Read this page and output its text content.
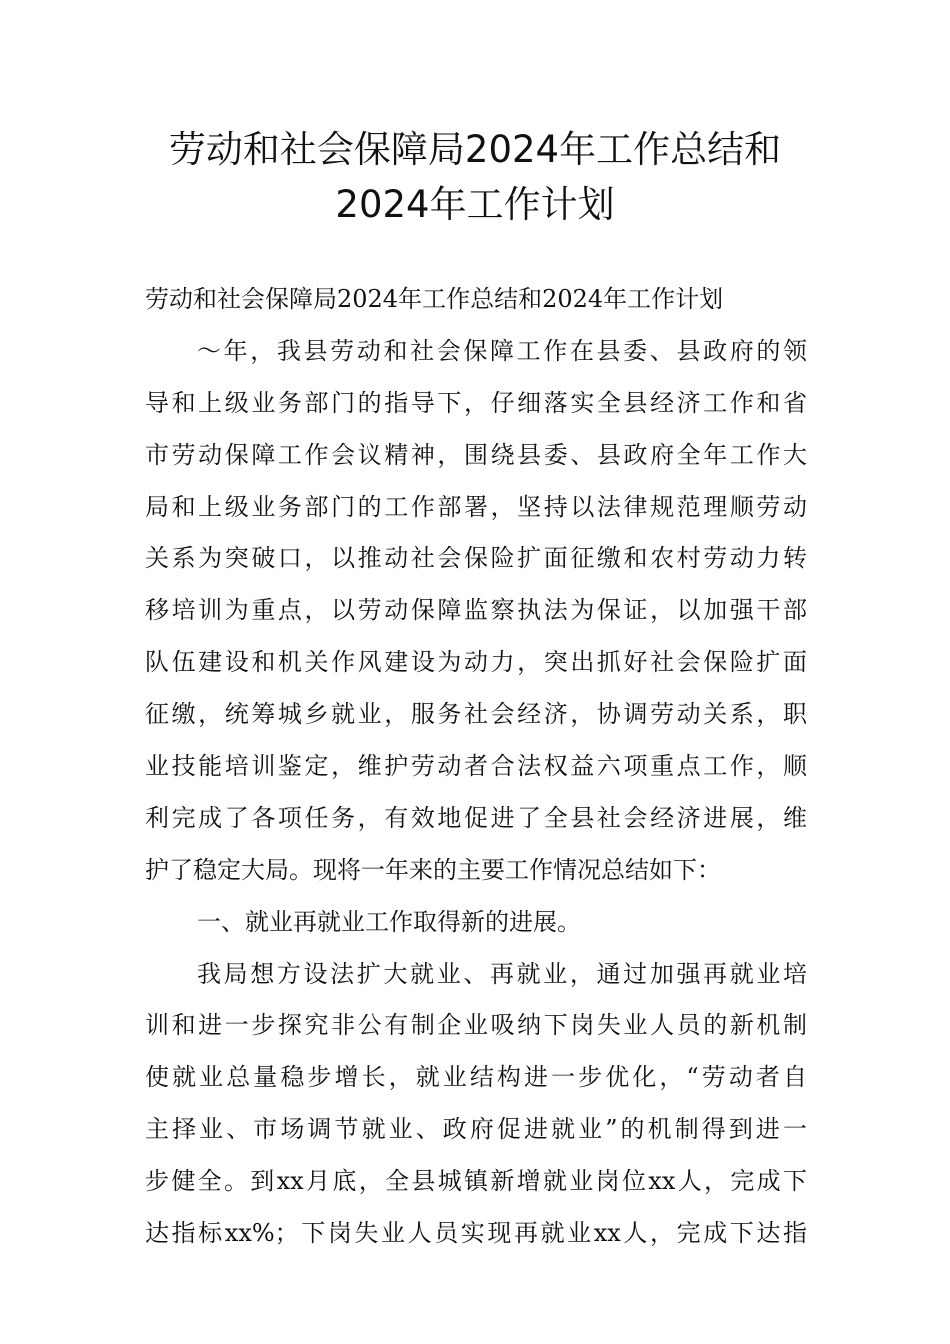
劳动和社会保障局2024年工作总结和
2024年工作计划
劳动和社会保障局2024年工作总结和2024年工作计划
～年，我县劳动和社会保障工作在县委、县政府的领
导和上级业务部门的指导下，仔细落实全县经济工作和省
市劳动保障工作会议精神，围绕县委、县政府全年工作大
局和上级业务部门的工作部署，坚持以法律规范理顺劳动
关系为突破口，以推动社会保险扩面征缴和农村劳动力转
移培训为重点，以劳动保障监察执法为保证，以加强干部
队伍建设和机关作风建设为动力，突出抓好社会保险扩面
征缴，统筹城乡就业，服务社会经济，协调劳动关系，职
业技能培训鉴定，维护劳动者合法权益六项重点工作，顺
利完成了各项任务，有效地促进了全县社会经济进展，维
护了稳定大局。现将一年来的主要工作情况总结如下：
一、就业再就业工作取得新的进展。
我局想方设法扩大就业、再就业，通过加强再就业培
训和进一步探究非公有制企业吸纳下岗失业人员的新机制
使就业总量稳步增长，就业结构进一步优化，“劳动者自
主择业、市场调节就业、政府促进就业”的机制得到进一
步健全。到xx月底，全县城镇新增就业岗位xx人，完成下
达指标xx%；下岗失业人员实现再就业xx人，完成下达指
